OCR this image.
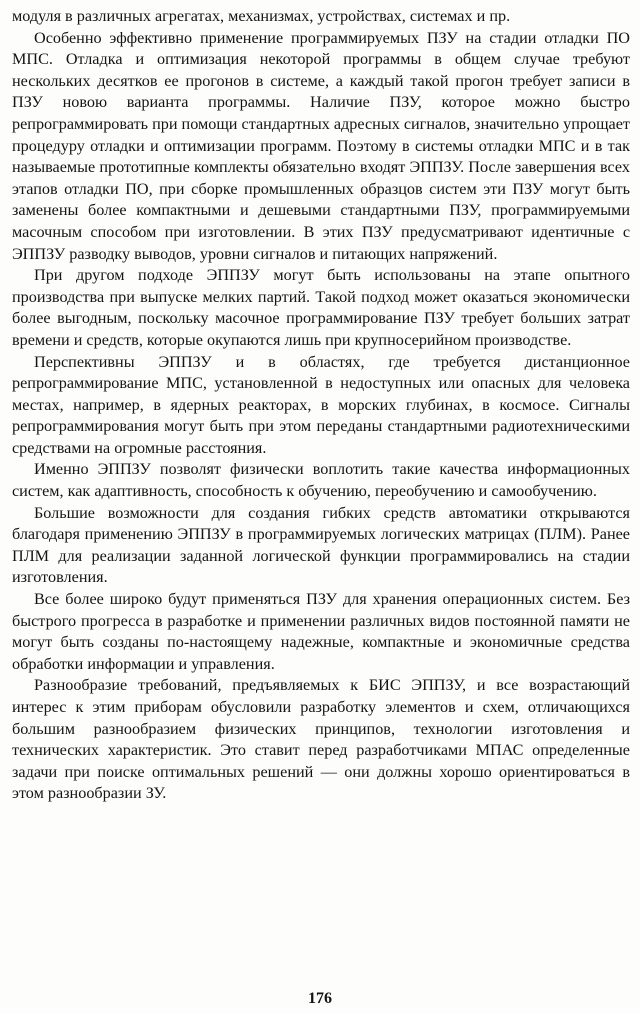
модуля в различных агрегатах, механизмах, устройствах, системах и пр.

Особенно эффективно применение программируемых ПЗУ на стадии отладки ПО МПС. Отладка и оптимизация некоторой программы в общем случае требуют нескольких десятков ее прогонов в системе, а каждый такой прогон требует записи в ПЗУ новою варианта программы. Наличие ПЗУ, которое можно быстро репрограммировать при помощи стандартных адресных сигналов, значительно упрощает процедуру отладки и оптимизации программ. Поэтому в системы отладки МПС и в так называемые прототипные комплекты обязательно входят ЭППЗУ. После завершения всех этапов отладки ПО, при сборке промышленных образцов систем эти ПЗУ могут быть заменены более компактными и дешевыми стандартными ПЗУ, программируемыми масочным способом при изготовлении. В этих ПЗУ предусматривают идентичные с ЭППЗУ разводку выводов, уровни сигналов и питающих напряжений.

При другом подходе ЭППЗУ могут быть использованы на этапе опытного производства при выпуске мелких партий. Такой подход может оказаться экономически более выгодным, поскольку масочное программирование ПЗУ требует больших затрат времени и средств, которые окупаются лишь при крупносерийном производстве.

Перспективны ЭППЗУ и в областях, где требуется дистанционное репрограммирование МПС, установленной в недоступных или опасных для человека местах, например, в ядерных реакторах, в морских глубинах, в космосе. Сигналы репрограммирования могут быть при этом переданы стандартными радиотехническими средствами на огромные расстояния.

Именно ЭППЗУ позволят физически воплотить такие качества информационных систем, как адаптивность, способность к обучению, переобучению и самообучению.

Большие возможности для создания гибких средств автоматики открываются благодаря применению ЭППЗУ в программируемых логических матрицах (ПЛМ). Ранее ПЛМ для реализации заданной логической функции программировались на стадии изготовления.

Все более широко будут применяться ПЗУ для хранения операционных систем. Без быстрого прогресса в разработке и применении различных видов постоянной памяти не могут быть созданы по-настоящему надежные, компактные и экономичные средства обработки информации и управления.

Разнообразие требований, предъявляемых к БИС ЭППЗУ, и все возрастающий интерес к этим приборам обусловили разработку элементов и схем, отличающихся большим разнообразием физических принципов, технологии изготовления и технических характеристик. Это ставит перед разработчиками МПАС определенные задачи при поиске оптимальных решений — они должны хорошо ориентироваться в этом разнообразии ЗУ.

176
